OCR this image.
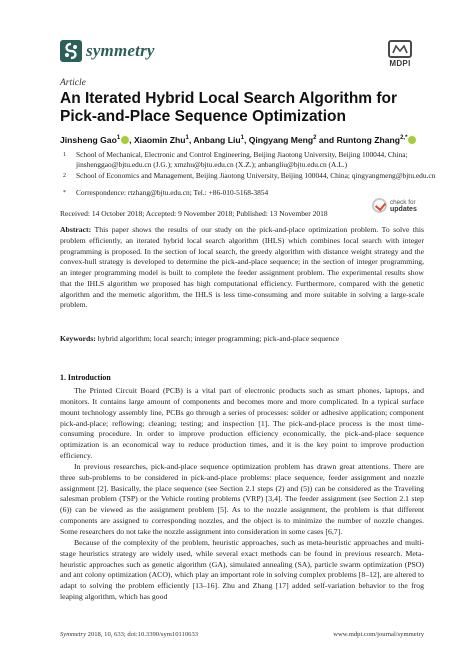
symmetry
MDPI
Article
An Iterated Hybrid Local Search Algorithm for Pick-and-Place Sequence Optimization
Jinsheng Gao$^1$ , Xiaomin Zhu$^1$, Anbang Liu$^1$, Qingyang Meng$^2$ and Runtong Zhang$^{2,*}$
1 School of Mechanical, Electronic and Control Engineering, Beijing Jiaotong University, Beijing 100044, China; jinshenggao@bjtu.edu.cn (J.G.); xmzhu@bjtu.edu.cn (X.Z.); anbangliu@bjtu.edu.cn (A.L.)
2 School of Economics and Management, Beijing Jiaotong University, Beijing 100044, China; qingyangmeng@bjtu.edu.cn
* Correspondence: rtzhang@bjtu.edu.cn; Tel.: +86-010-5168-3854
Received: 14 October 2018; Accepted: 9 November 2018; Published: 13 November 2018
check for
updates
Abstract: This paper shows the results of our study on the pick-and-place optimization problem. To solve this problem efficiently, an iterated hybrid local search algorithm (IHLS) which combines local search with integer programming is proposed. In the section of local search, the greedy algorithm with distance weight strategy and the convex-hull strategy is developed to determine the pick-and-place sequence; in the section of integer programming, an integer programming model is built to complete the feeder assignment problem. The experimental results show that the IHLS algorithm we proposed has high computational efficiency. Furthermore, compared with the genetic algorithm and the memetic algorithm, the IHLS is less time-consuming and more suitable in solving a large-scale problem.
Keywords: hybrid algorithm; local search; integer programming; pick-and-place sequence
1. Introduction

The Printed Circuit Board (PCB) is a vital part of electronic products such as smart phones, laptops, and monitors. It contains large amount of components and becomes more and more complicated. In a typical surface mount technology assembly line, PCBs go through a series of processes: solder or adhesive application; component pick-and-place; reflowing; cleaning; testing; and inspection [1]. The pick-and-place process is the most time-consuming procedure. In order to improve production efficiency economically, the pick-and-place sequence optimization is an economical way to reduce production times, and it is the key point to improve production efficiency.

In previous researches, pick-and-place sequence optimization problem has drawn great attentions. There are three sub-problems to be considered in pick-and-place problems: place sequence, feeder assignment and nozzle assignment [2]. Basically, the place sequence (see Section 2.1 steps (2) and (5)) can be considered as the Traveling salesman problem (TSP) or the Vehicle routing problems (VRP) [3,4]. The feeder assignment (see Section 2.1 step (6)) can be viewed as the assignment problem [5]. As to the nozzle assignment, the problem is that different components are assigned to corresponding nozzles, and the object is to minimize the number of nozzle changes. Some researchers do not take the nozzle assignment into consideration in some cases [6,7].

Because of the complexity of the problem, heuristic approaches, such as meta-heuristic approaches and multi-stage heuristics strategy are widely used, while several exact methods can be found in previous research. Meta-heuristic approaches such as genetic algorithm (GA), simulated annealing (SA), particle swarm optimization (PSO) and ant colony optimization (ACO), which play an important role in solving complex problems [8–12], are altered to adapt to solving the problem efficiently [13–16]. Zhu and Zhang [17] added self-variation behavior to the frog leaping algorithm, which has good

Symmetry 2018, 10, 633; doi:10.3390/sym10110633	www.mdpi.com/journal/symmetry
